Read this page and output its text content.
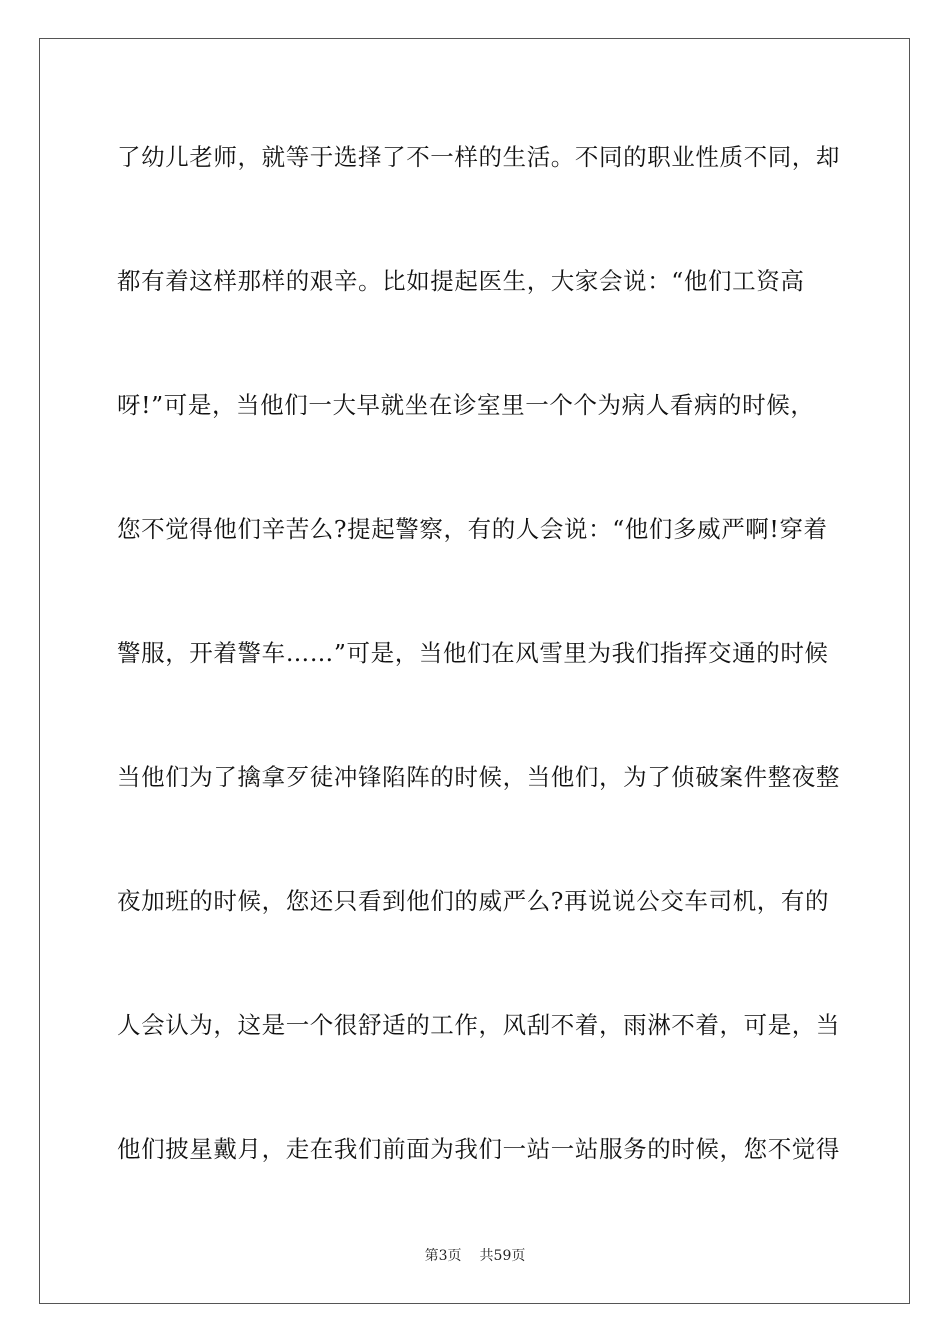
了幼儿老师，就等于选择了不一样的生活。不同的职业性质不同，却
都有着这样那样的艰辛。比如提起医生，大家会说：“他们工资高
呀!”可是，当他们一大早就坐在诊室里一个个为病人看病的时候，
您不觉得他们辛苦么?提起警察，有的人会说：“他们多威严啊!穿着
警服，开着警车……”可是，当他们在风雪里为我们指挥交通的时候
当他们为了擒拿歹徒冲锋陷阵的时候，当他们，为了侦破案件整夜整
夜加班的时候，您还只看到他们的威严么?再说说公交车司机，有的
人会认为，这是一个很舒适的工作，风刮不着，雨淋不着，可是，当
他们披星戴月，走在我们前面为我们一站一站服务的时候，您不觉得
第3页 共59页
